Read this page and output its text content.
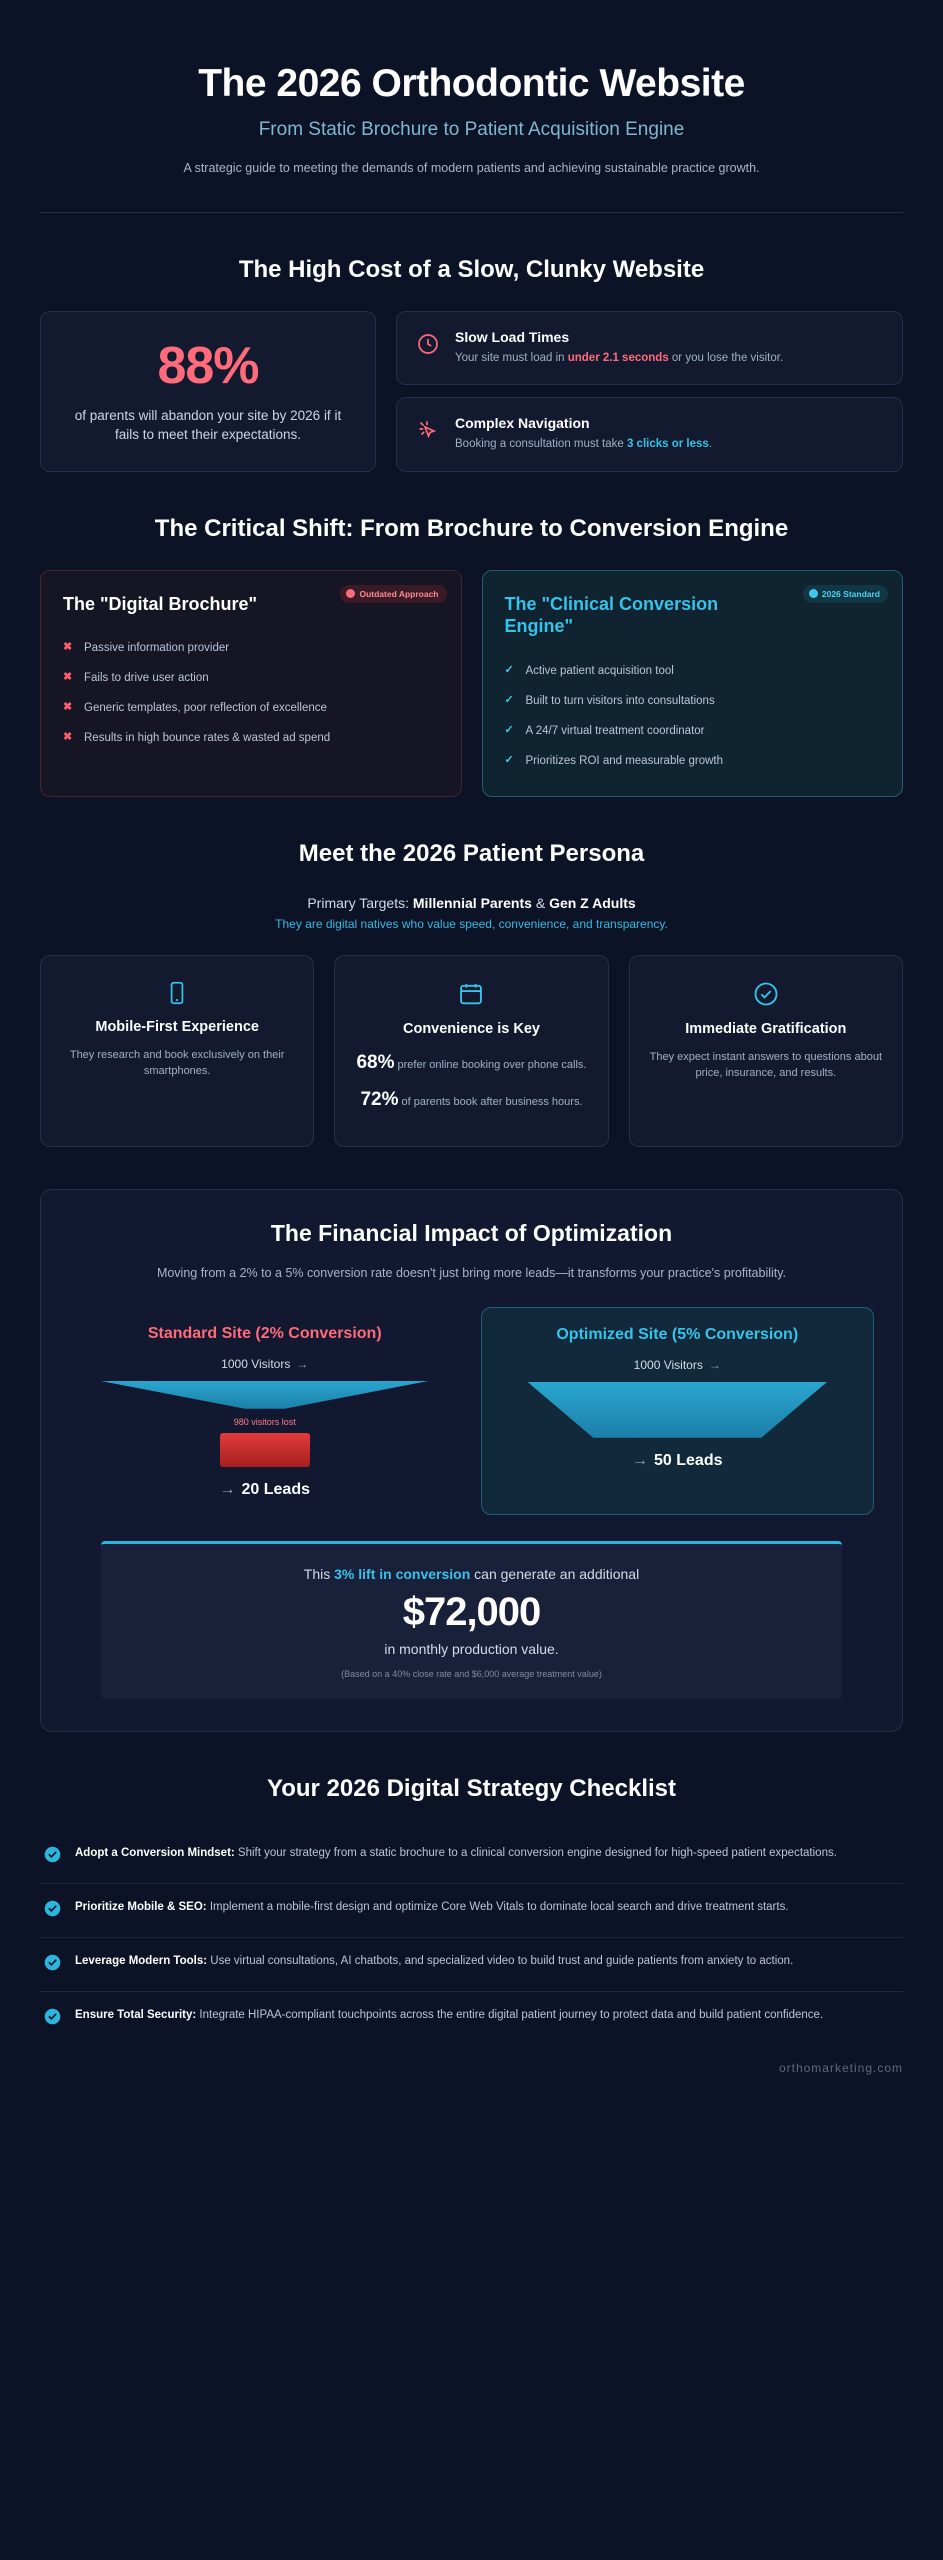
The 2026 Orthodontic Website
From Static Brochure to Patient Acquisition Engine
A strategic guide to meeting the demands of modern patients and achieving sustainable practice growth.
The High Cost of a Slow, Clunky Website
88%
of parents will abandon your site by 2026 if it fails to meet their expectations.
Slow Load Times

Your site must load in under 2.1 seconds or you lose the visitor.

Complex Navigation

Booking a consultation must take 3 clicks or less.

The Critical Shift: From Brochure to Conversion Engine
Outdated Approach
The "Digital Brochure"
✖ Passive information provider
✖ Fails to drive user action
✖ Generic templates, poor reflection of excellence
✖ Results in high bounce rates & wasted ad spend
2026 Standard
The "Clinical Conversion Engine"
✓ Active patient acquisition tool
✓ Built to turn visitors into consultations
✓ A 24/7 virtual treatment coordinator
✓ Prioritizes ROI and measurable growth
Meet the 2026 Patient Persona
Primary Targets: Millennial Parents & Gen Z Adults
They are digital natives who value speed, convenience, and transparency.
Mobile-First Experience

They research and book exclusively on their smartphones.

Convenience is Key
68% prefer online booking over phone calls.
72% of parents book after business hours.
Immediate Gratification

They expect instant answers to questions about price, insurance, and results.

The Financial Impact of Optimization
Moving from a 2% to a 5% conversion rate doesn't just bring more leads—it transforms your practice's profitability.
Standard Site (2% Conversion)
1000 Visitors →
980 visitors lost
→ 20 Leads
Optimized Site (5% Conversion)
1000 Visitors →
→ 50 Leads
This 3% lift in conversion can generate an additional
$72,000
in monthly production value.
(Based on a 40% close rate and $6,000 average treatment value)
Your 2026 Digital Strategy Checklist

Adopt a Conversion Mindset: Shift your strategy from a static brochure to a clinical conversion engine designed for high-speed patient expectations.

Prioritize Mobile & SEO: Implement a mobile-first design and optimize Core Web Vitals to dominate local search and drive treatment starts.

Leverage Modern Tools: Use virtual consultations, AI chatbots, and specialized video to build trust and guide patients from anxiety to action.

Ensure Total Security: Integrate HIPAA-compliant touchpoints across the entire digital patient journey to protect data and build patient confidence.

orthomarketing.com
